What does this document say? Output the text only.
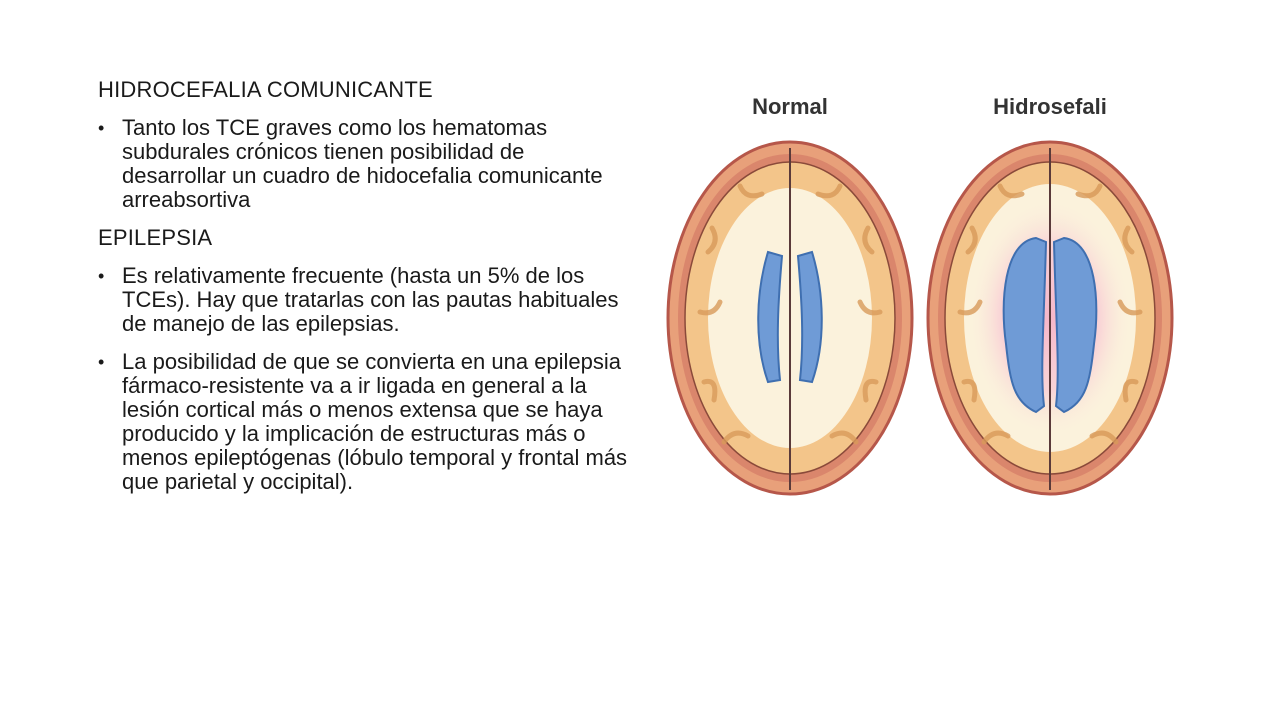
HIDROCEFALIA COMUNICANTE
• Tanto los TCE graves como los hematomas subdurales crónicos tienen posibilidad de desarrollar un cuadro de hidocefalia comunicante arreabsortiva
EPILEPSIA
• Es relativamente frecuente (hasta un 5% de los TCEs). Hay que tratarlas con las pautas habituales de manejo de las epilepsias.
• La posibilidad de que se convierta en una epilepsia fármaco-resistente va a ir ligada en general a la lesión cortical más o menos extensa que se haya producido y la implicación de estructuras más o menos epileptógenas (lóbulo temporal y frontal más que parietal y occipital).
Normal	Hidrosefali
